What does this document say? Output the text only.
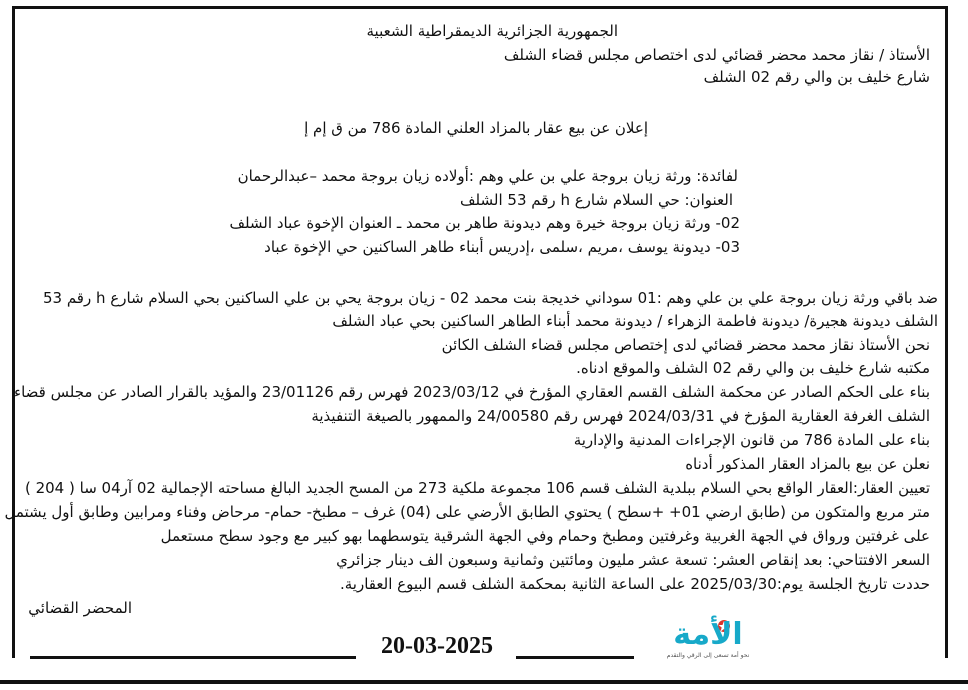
الجمهورية الجزائرية الديمقراطية الشعبية
الأستاذ / نقاز محمد محضر قضائي لدى اختصاص مجلس قضاء الشلف
شارع خليف بن والي رقم 02 الشلف
إعلان عن بيع عقار بالمزاد العلني المادة 786 من ق إم إ
لفائدة: ورثة زيان بروجة علي بن علي وهم :أولاده زيان بروجة محمد –عبدالرحمان
العنوان: حي السلام شارع h رقم 53 الشلف
02- ورثة زيان بروجة خيرة وهم ديدونة طاهر بن محمد ـ العنوان الإخوة عباد الشلف
03- ديدونة يوسف ،مريم ،سلمى ،إدريس أبناء طاهر الساكنين حي الإخوة عباد
ضد باقي ورثة زيان بروجة علي بن علي وهم :01 سوداني خديجة بنت محمد 02 - زيان بروجة يحي بن علي الساكنين بحي السلام شارع h رقم 53
الشلف ديدونة هجيرة/ ديدونة فاطمة الزهراء / ديدونة محمد أبناء الطاهر الساكنين بحي عباد الشلف
نحن الأستاذ نقاز محمد محضر قضائي لدى إختصاص مجلس قضاء الشلف الكائن
مكتبه شارع خليف بن والي رقم 02 الشلف والموقع ادناه.
بناء على الحكم الصادر عن محكمة الشلف القسم العقاري المؤرخ في 2023/03/12 فهرس رقم 23/01126 والمؤيد بالقرار الصادر عن مجلس قضاء
الشلف الغرفة العقارية المؤرخ في 2024/03/31 فهرس رقم 24/00580 والممهور بالصيغة التنفيذية
بناء على المادة 786 من قانون الإجراءات المدنية والإدارية
نعلن عن بيع بالمزاد العقار المذكور أدناه
تعيين العقار:العقار الواقع بحي السلام ببلدية الشلف قسم 106 مجموعة ملكية 273 من المسح الجديد البالغ مساحته الإجمالية 02 آر04 سا ( 204 )
متر مربع والمتكون من (طابق ارضي 01+ +سطح ) يحتوي الطابق الأرضي على (04) غرف – مطبخ- حمام- مرحاض وفناء ومرابين وطابق أول يشتمل
على غرفتين ورواق في الجهة الغربية وغرفتين ومطبخ وحمام وفي الجهة الشرقية يتوسطهما بهو كبير مع وجود سطح مستعمل
السعر الافتتاحي: بعد إنقاص العشر: تسعة عشر مليون ومائتين وثمانية وسبعون الف دينار جزائري
حددت تاريخ الجلسة يوم:2025/03/30 على الساعة الثانية بمحكمة الشلف قسم البيوع العقارية.
المحضر القضائي
20-03-2025	الأمة
نحو أمة تسعى إلى الرقي والتقدم
